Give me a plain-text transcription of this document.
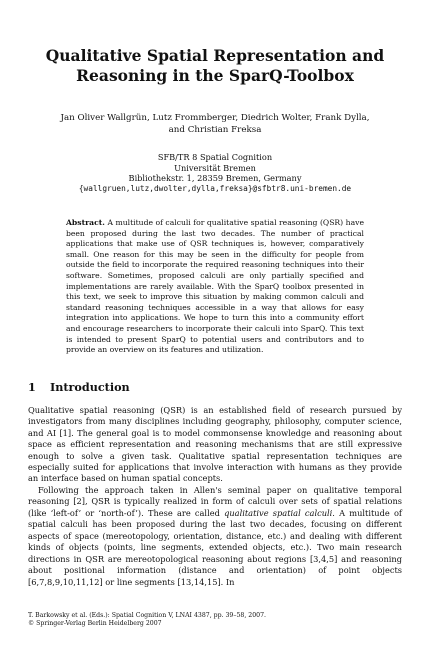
Qualitative Spatial Representation and
Reasoning in the SparQ-Toolbox
Jan Oliver Wallgrün, Lutz Frommberger, Diedrich Wolter, Frank Dylla,
and Christian Freksa
SFB/TR 8 Spatial Cognition
Universität Bremen
Bibliothekstr. 1, 28359 Bremen, Germany
{wallgruen,lutz,dwolter,dylla,freksa}@sfbtr8.uni-bremen.de
Abstract. A multitude of calculi for qualitative spatial reasoning (QSR) have been proposed during the last two decades. The number of practical applications that make use of QSR techniques is, however, comparatively small. One reason for this may be seen in the difficulty for people from outside the field to incorporate the required reasoning techniques into their software. Sometimes, proposed calculi are only partially specified and implementations are rarely available. With the SparQ toolbox presented in this text, we seek to improve this situation by making common calculi and standard reasoning techniques accessible in a way that allows for easy integration into applications. We hope to turn this into a community effort and encourage researchers to incorporate their calculi into SparQ. This text is intended to present SparQ to potential users and contributors and to provide an overview on its features and utilization.
1 Introduction

Qualitative spatial reasoning (QSR) is an established field of research pursued by investigators from many disciplines including geography, philosophy, computer science, and AI [1]. The general goal is to model commonsense knowledge and reasoning about space as efficient representation and reasoning mechanisms that are still expressive enough to solve a given task. Qualitative spatial representation techniques are especially suited for applications that involve interaction with humans as they provide an interface based on human spatial concepts.

Following the approach taken in Allen's seminal paper on qualitative temporal reasoning [2], QSR is typically realized in form of calculi over sets of spatial relations (like ‘left-of’ or ‘north-of’). These are called qualitative spatial calculi. A multitude of spatial calculi has been proposed during the last two decades, focusing on different aspects of space (mereotopology, orientation, distance, etc.) and dealing with different kinds of objects (points, line segments, extended objects, etc.). Two main research directions in QSR are mereotopological reasoning about regions [3,4,5] and reasoning about positional information (distance and orientation) of point objects [6,7,8,9,10,11,12] or line segments [13,14,15]. In

T. Barkowsky et al. (Eds.): Spatial Cognition V, LNAI 4387, pp. 39–58, 2007.
© Springer-Verlag Berlin Heidelberg 2007
